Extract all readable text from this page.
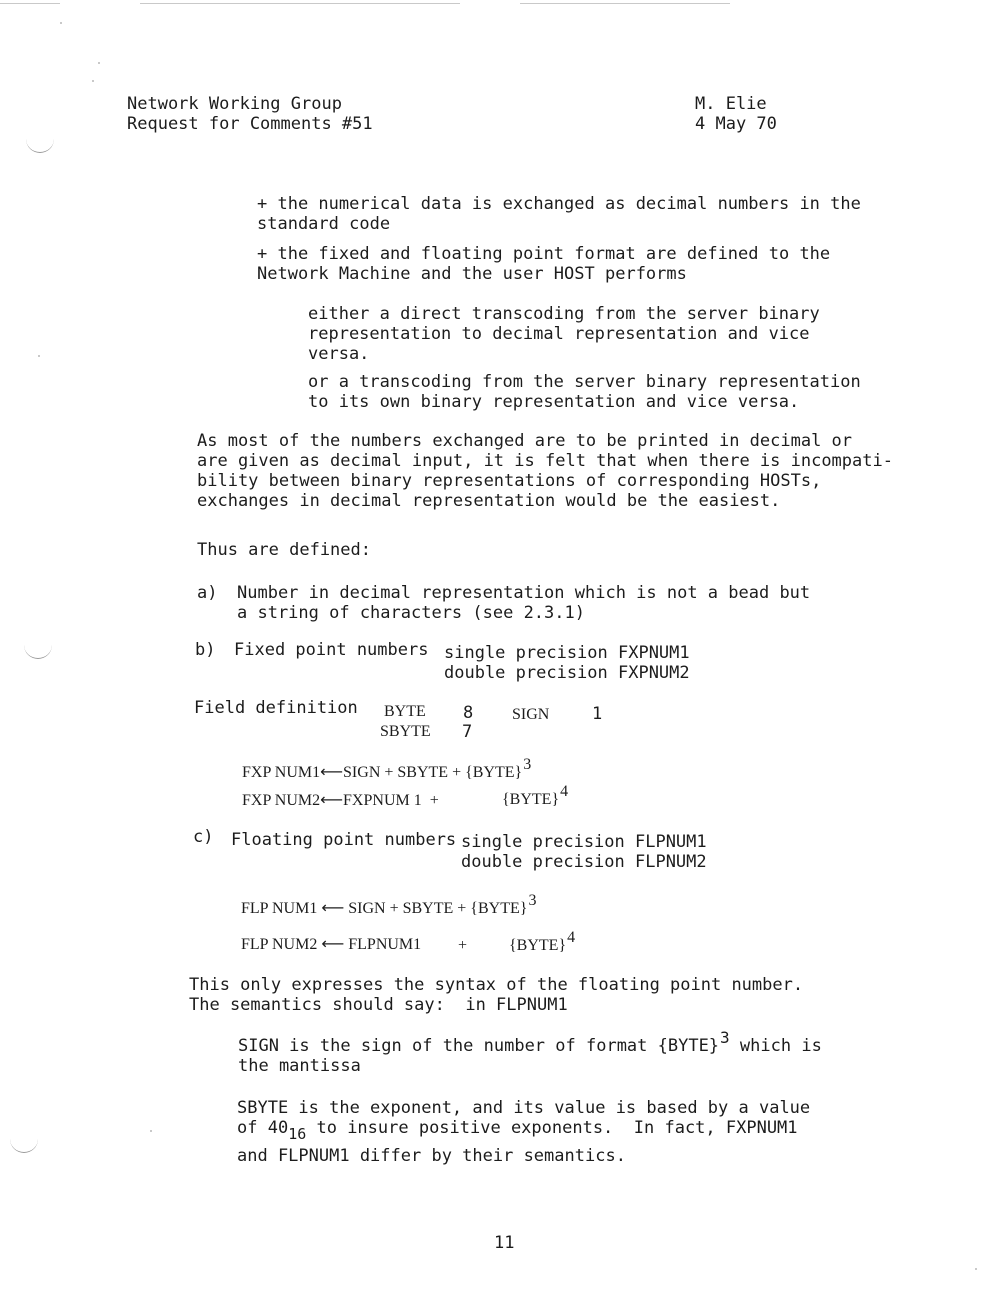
Network Working Group
Request for Comments #51
M. Elie
4 May 70
+ the numerical data is exchanged as decimal numbers in the
standard code
+ the fixed and floating point format are defined to the
Network Machine and the user HOST performs
either a direct transcoding from the server binary
representation to decimal representation and vice
versa.
or a transcoding from the server binary representation
to its own binary representation and vice versa.
As most of the numbers exchanged are to be printed in decimal or
are given as decimal input, it is felt that when there is incompati-
bility between binary representations of corresponding HOSTs,
exchanges in decimal representation would be the easiest.
Thus are defined:
a) Number in decimal representation which is not a bead but
a string of characters (see 2.3.1)
b) Fixed point numbers single precision FXPNUM1
double precision FXPNUM2
Field definition BYTE 8 SIGN	1
SBYTE 7
FXP NUM1⟵SIGN + SBYTE + {BYTE}3
FXP NUM2⟵FXPNUM 1  +	{BYTE}4
c) Floating point numbers single precision FLPNUM1
double precision FLPNUM2
FLP NUM1 ⟵ SIGN + SBYTE + {BYTE}3
FLP NUM2 ⟵ FLPNUM1 +	{BYTE}4
This only expresses the syntax of the floating point number.
The semantics should say:  in FLPNUM1
SIGN is the sign of the number of format {BYTE}3 which is
the mantissa
SBYTE is the exponent, and its value is based by a value
of 4016 to insure positive exponents.  In fact, FXPNUM1
and FLPNUM1 differ by their semantics.
11
